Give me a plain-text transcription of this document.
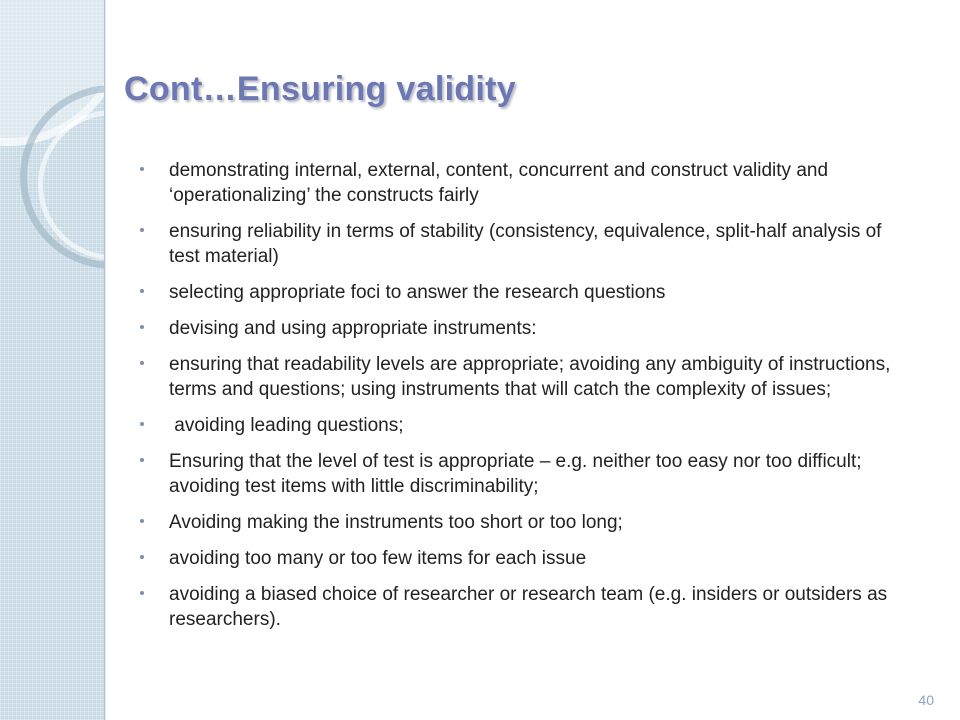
Cont…Ensuring validity
demonstrating internal, external, content, concurrent and construct validity and ‘operationalizing’ the constructs fairly
ensuring reliability in terms of stability (consistency, equivalence, split-half analysis of test material)
selecting appropriate foci to answer the research questions
devising and using appropriate instruments:
ensuring that readability levels are appropriate; avoiding any ambiguity of instructions, terms and questions; using instruments that will catch the complexity of issues;
avoiding leading questions;
Ensuring that the level of test is appropriate – e.g. neither too easy nor too difficult; avoiding test items with little discriminability;
Avoiding making the instruments too short or too long;
avoiding too many or too few items for each issue
avoiding a biased choice of researcher or research team (e.g. insiders or outsiders as researchers).
40
